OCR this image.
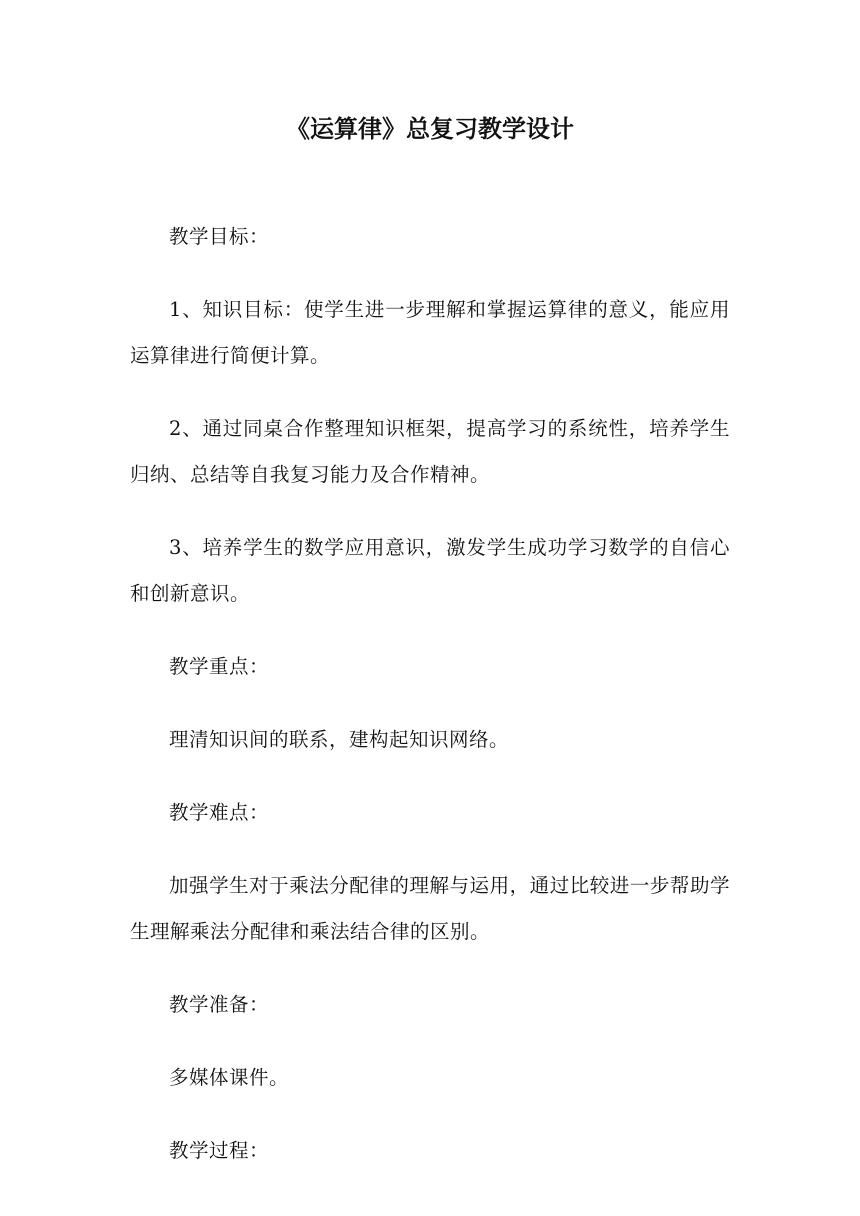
《运算律》总复习教学设计

教学目标：

1、知识目标：使学生进一步理解和掌握运算律的意义，能应用运算律进行简便计算。

2、通过同桌合作整理知识框架，提高学习的系统性，培养学生归纳、总结等自我复习能力及合作精神。

3、培养学生的数学应用意识，激发学生成功学习数学的自信心和创新意识。

教学重点：

理清知识间的联系，建构起知识网络。

教学难点：

加强学生对于乘法分配律的理解与运用，通过比较进一步帮助学生理解乘法分配律和乘法结合律的区别。

教学准备：

多媒体课件。

教学过程：
